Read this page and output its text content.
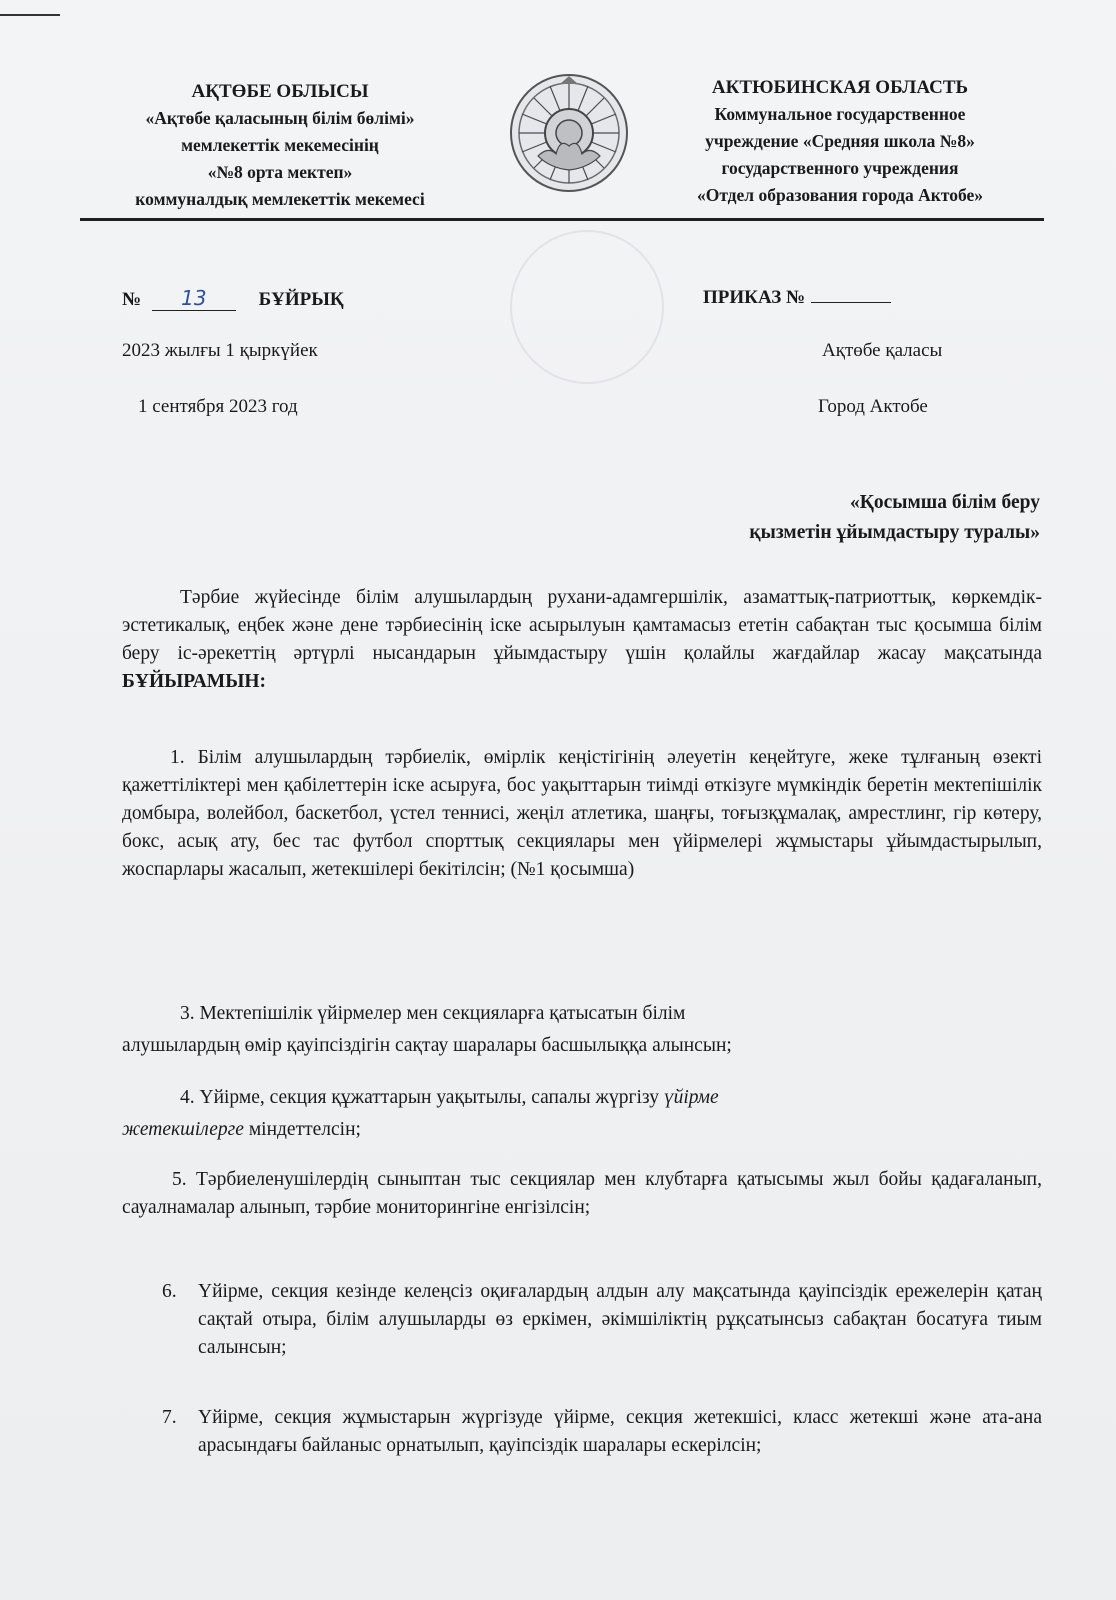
АҚТӨБЕ ОБЛЫСЫ
«Ақтөбе қаласының білім бөлімі»
мемлекеттік мекемесінің
«№8 орта мектеп»
коммуналдық мемлекеттік мекемесі
АКТЮБИНСКАЯ ОБЛАСТЬ
Коммунальное государственное
учреждение «Средняя школа №8»
государственного учреждения
«Отдел образования города Актобе»
№ 13	БҰЙРЫҚ	ПРИКАЗ №
2023 жылғы 1 қыркүйек	Ақтөбе қаласы
1 сентября 2023 год	Город Актобе
«Қосымша білім беру
қызметін ұйымдастыру туралы»
Тәрбие жүйесінде білім алушылардың рухани-адамгершілік, азаматтық-патриоттық, көркемдік-эстетикалық, еңбек және дене тәрбиесінің іске асырылуын қамтамасыз ететін сабақтан тыс қосымша білім беру іс-әрекеттің әртүрлі нысандарын ұйымдастыру үшін қолайлы жағдайлар жасау мақсатында БҰЙЫРАМЫН:
1. Білім алушылардың тәрбиелік, өмірлік кеңістігінің әлеуетін кеңейтуге, жеке тұлғаның өзекті қажеттіліктері мен қабілеттерін іске асыруға, бос уақыттарын тиімді өткізуге мүмкіндік беретін мектепішілік домбыра, волейбол, баскетбол, үстел теннисі, жеңіл атлетика, шаңғы, тоғызқұмалақ, амрестлинг, гір көтеру, бокс, асық ату, бес тас футбол спорттық секциялары мен үйірмелері жұмыстары ұйымдастырылып, жоспарлары жасалып, жетекшілері бекітілсін; (№1 қосымша)
3. Мектепішілік үйірмелер мен секцияларға қатысатын білім
алушылардың өмір қауіпсіздігін сақтау шаралары басшылыққа алынсын;
4. Үйірме, секция құжаттарын уақытылы, сапалы жүргізу үйірме
жетекшілерге міндеттелсін;
5. Тәрбиеленушілердің сыныптан тыс секциялар мен клубтарға қатысымы жыл бойы қадағаланып, сауалнамалар алынып, тәрбие мониторингіне енгізілсін;
6.	Үйірме, секция кезінде келеңсіз оқиғалардың алдын алу мақсатында қауіпсіздік ережелерін қатаң сақтай отыра, білім алушыларды өз еркімен, әкімшіліктің рұқсатынсыз сабақтан босатуға тиым салынсын;
7.	Үйірме, секция жұмыстарын жүргізуде үйірме, секция жетекшісі, класс жетекші және ата-ана арасындағы байланыс орнатылып, қауіпсіздік шаралары ескерілсін;
